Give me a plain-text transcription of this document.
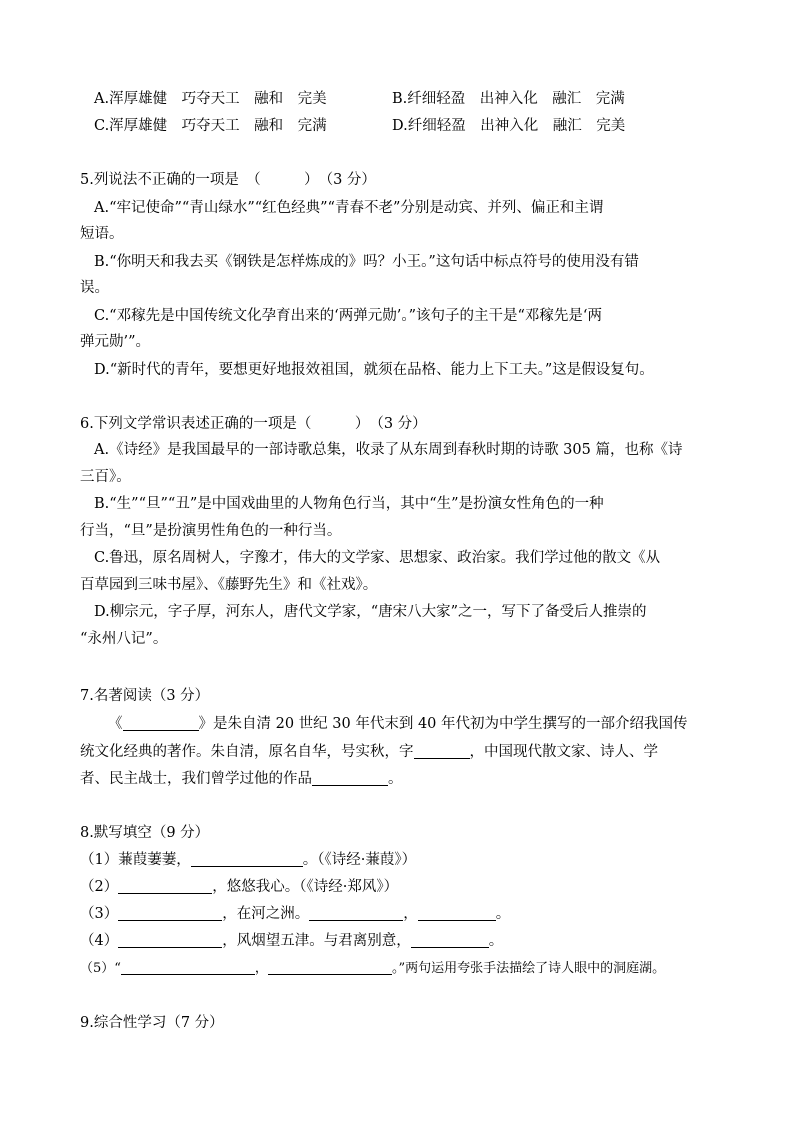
A.浑厚雄健　巧夺天工　融和　完美	B.纤细轻盈　出神入化　融汇　完满
C.浑厚雄健　巧夺天工　融和　完满	D.纤细轻盈　出神入化　融汇　完美
5.列说法不正确的一项是　（　　　）　（3 分）
A.“牢记使命”“青山绿水”“红色经典”“青春不老”分别是动宾、并列、偏正和主谓
短语。
B.“你明天和我去买《钢铁是怎样炼成的》吗？小王。”这句话中标点符号的使用没有错
误。
C.“邓稼先是中国传统文化孕育出来的‘两弹元勋’。”该句子的主干是“邓稼先是‘两
弹元勋’”。
D.“新时代的青年，要想更好地报效祖国，就须在品格、能力上下工夫。”这是假设复句。
6.下列文学常识表述正确的一项是（　　　）　（3 分）
A.《诗经》是我国最早的一部诗歌总集，收录了从东周到春秋时期的诗歌 305 篇，也称《诗
三百》。
B.“生”“旦”“丑”是中国戏曲里的人物角色行当，其中“生”是扮演女性角色的一种
行当，“旦”是扮演男性角色的一种行当。
C.鲁迅，原名周树人，字豫才，伟大的文学家、思想家、政治家。我们学过他的散文《从
百草园到三味书屋》、《藤野先生》和《社戏》。
D.柳宗元，字子厚，河东人，唐代文学家，“唐宋八大家”之一，写下了备受后人推崇的
“永州八记”。
7.名著阅读（3 分）
《	》是朱自清 20 世纪 30 年代末到 40 年代初为中学生撰写的一部介绍我国传
统文化经典的著作。朱自清，原名自华，号实秋，字	，中国现代散文家、诗人、学
者、民主战士，我们曾学过他的作品	。
8.默写填空（9 分）
（1）蒹葭萋萋，	。（《诗经·蒹葭》）
（2）	，悠悠我心。（《诗经·郑风》）
（3）	，在河之洲。	，	。
（4）	，风烟望五津。与君离别意，	。
（5）“	，	。”两句运用夸张手法描绘了诗人眼中的洞庭湖。
9.综合性学习（7 分）
